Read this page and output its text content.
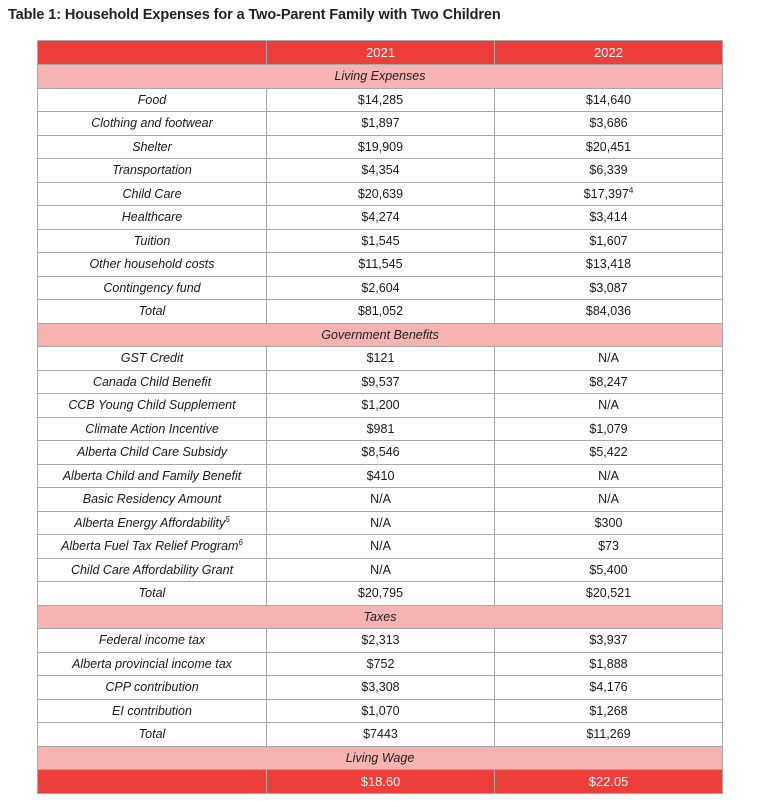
Table 1: Household Expenses for a Two-Parent Family with Two Children
	2021	2022
Living Expenses		
Food	$14,285	$14,640
Clothing and footwear	$1,897	$3,686
Shelter	$19,909	$20,451
Transportation	$4,354	$6,339
Child Care	$20,639	$17,397$^4$
Healthcare	$4,274	$3,414
Tuition	$1,545	$1,607
Other household costs	$11,545	$13,418
Contingency fund	$2,604	$3,087
Total	$81,052	$84,036
Government Benefits		
GST Credit	$121	N/A
Canada Child Benefit	$9,537	$8,247
CCB Young Child Supplement	$1,200	N/A
Climate Action Incentive	$981	$1,079
Alberta Child Care Subsidy	$8,546	$5,422
Alberta Child and Family Benefit	$410	N/A
Basic Residency Amount	N/A	N/A
Alberta Energy Affordability$^5$	N/A	$300
Alberta Fuel Tax Relief Program$^6$	N/A	$73
Child Care Affordability Grant	N/A	$5,400
Total	$20,795	$20,521
Taxes		
Federal income tax	$2,313	$3,937
Alberta provincial income tax	$752	$1,888
CPP contribution	$3,308	$4,176
EI contribution	$1,070	$1,268
Total	$7443	$11,269
Living Wage		
	$18.60	$22.05
